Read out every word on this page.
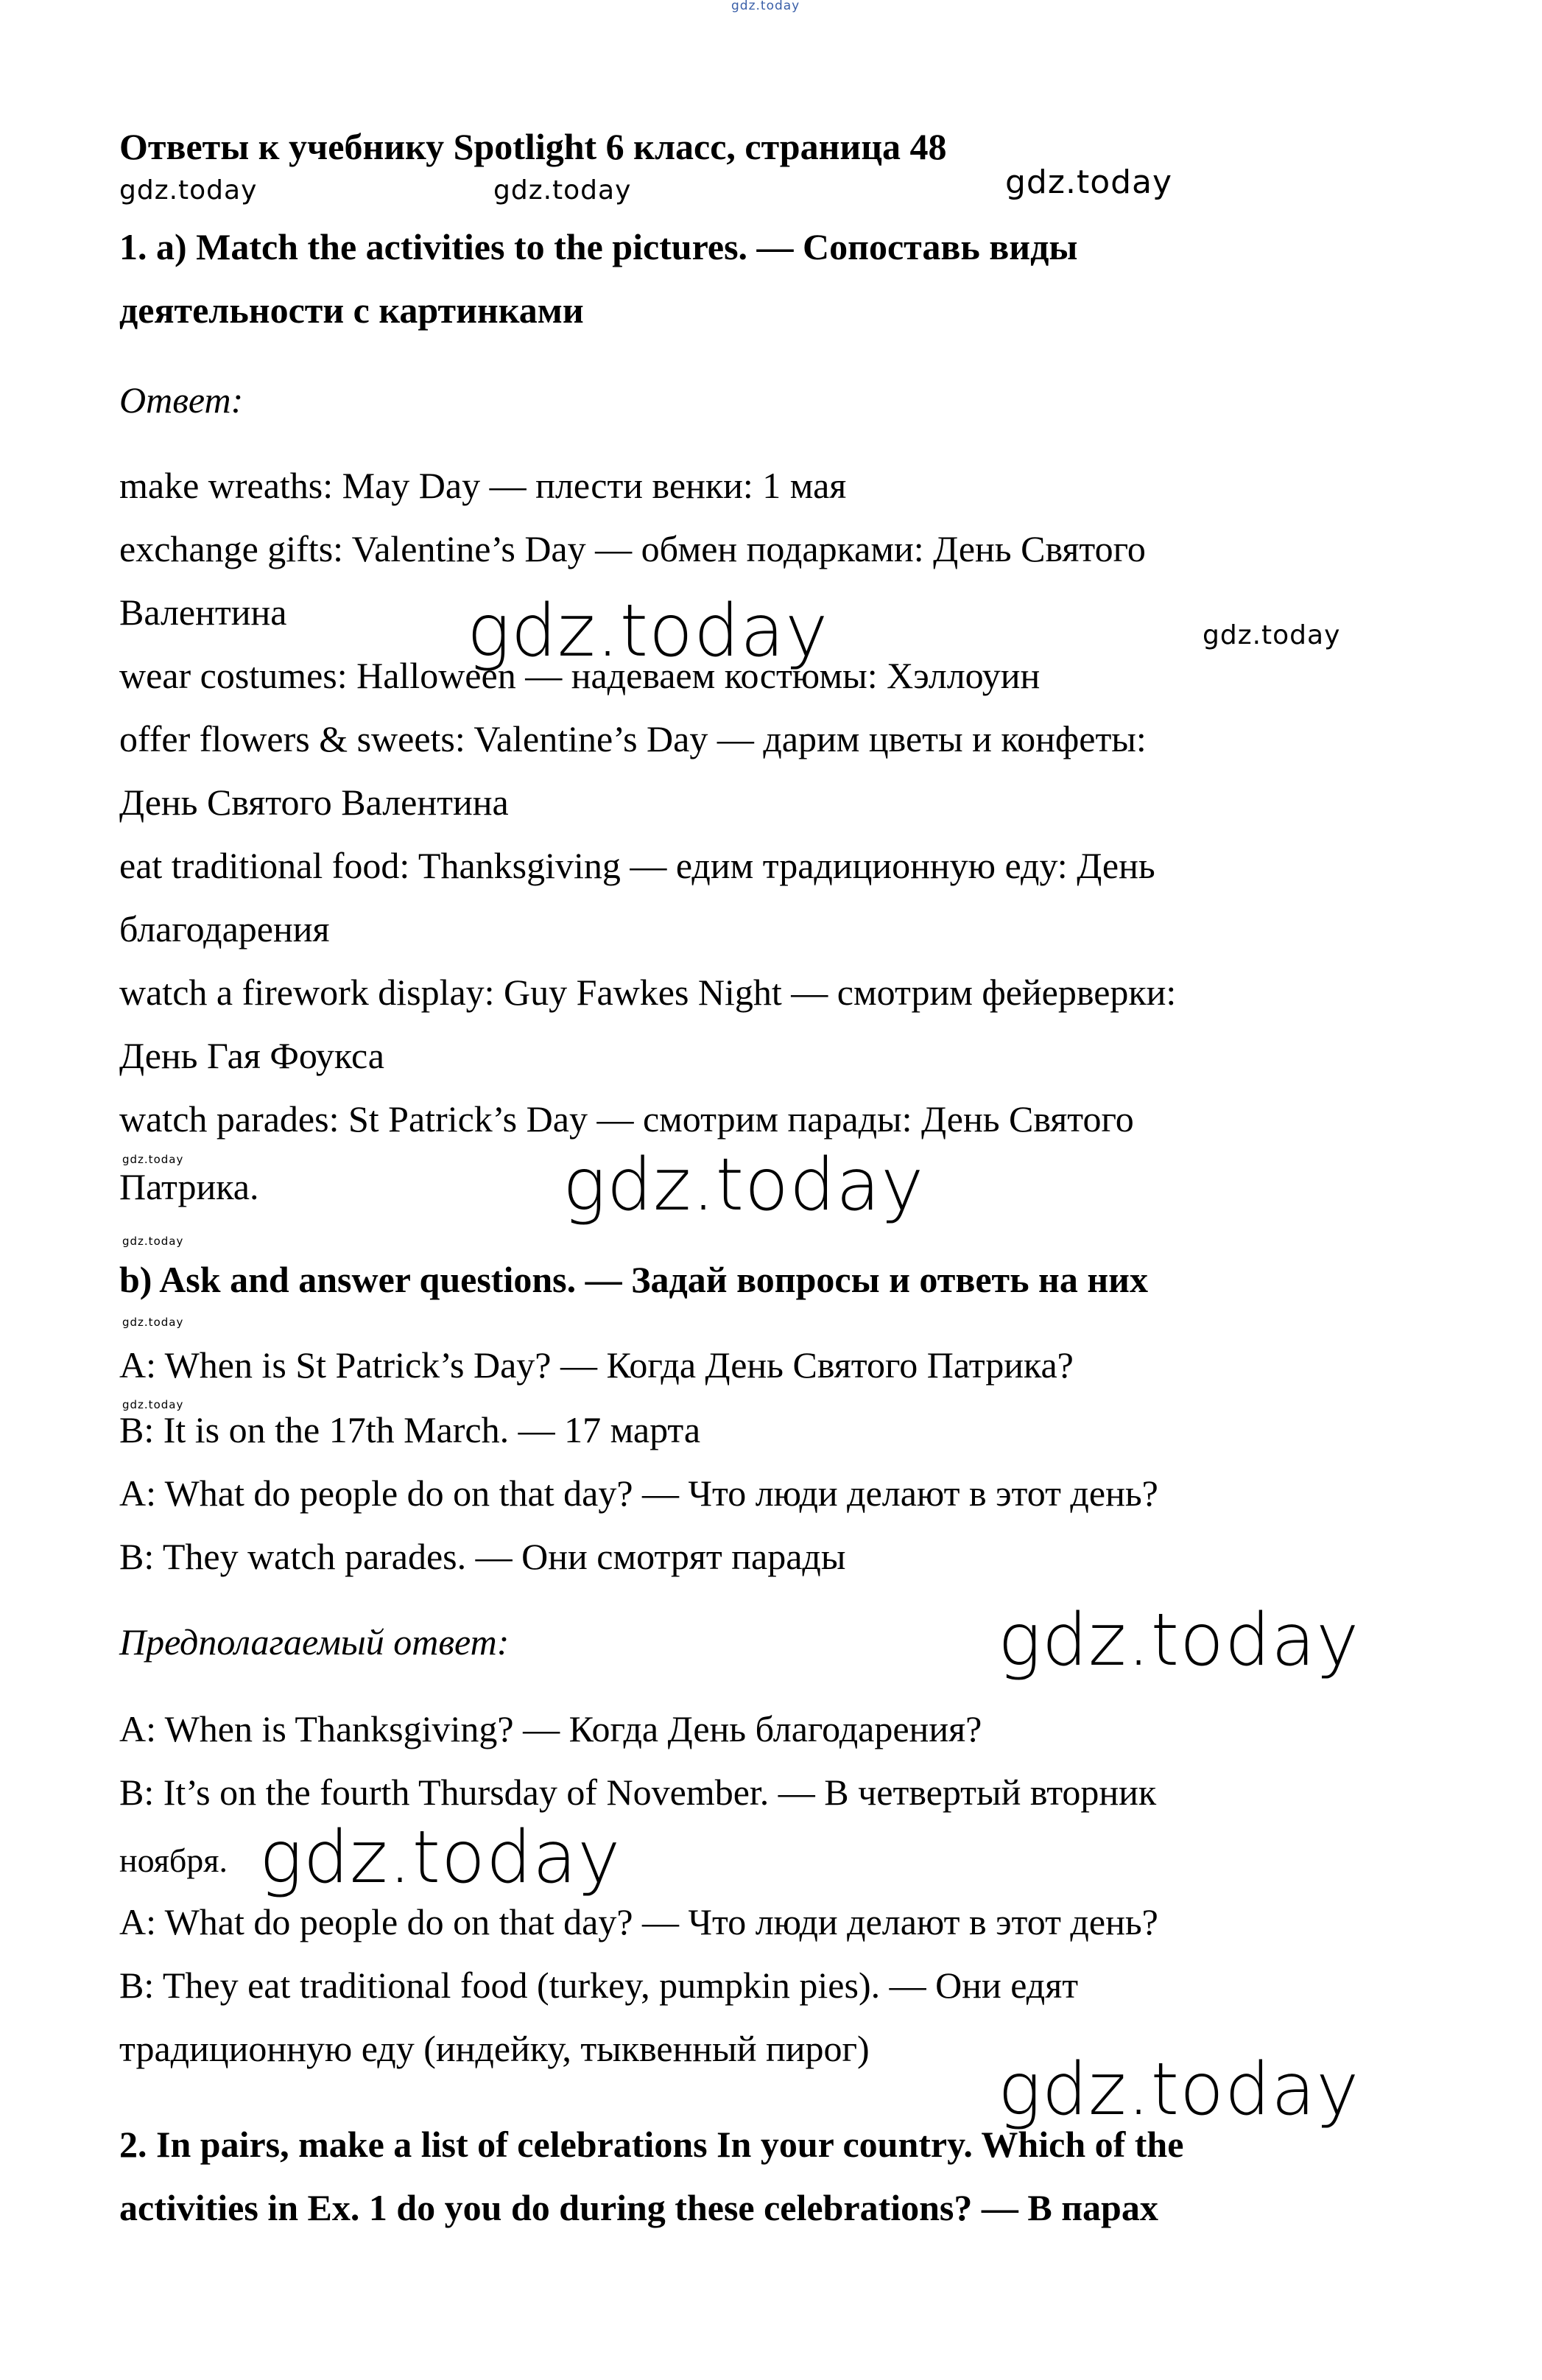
gdz.today
gdz.today	gdz.today	gdz.today
gdz.today	gdz.today
gdz.today	gdz.today
gdz.today
gdz.today
gdz.today
gdz.today
gdz.today
gdz.today
Ответы к учебнику Spotlight 6 класс, страница 48
1. a) Match the activities to the pictures. — Сопоставь виды
деятельности с картинками
Ответ:
make wreaths: May Day — плести венки: 1 мая
exchange gifts: Valentine’s Day — обмен подарками: День Святого
Валентина
wear costumes: Halloween — надеваем костюмы: Хэллоуин
offer flowers & sweets: Valentine’s Day — дарим цветы и конфеты:
День Святого Валентина
eat traditional food: Thanksgiving — едим традиционную еду: День
благодарения
watch a firework display: Guy Fawkes Night — смотрим фейерверки:
День Гая Фоукса
watch parades: St Patrick’s Day — смотрим парады: День Святого
Патрика.
b) Ask and answer questions. — Задай вопросы и ответь на них
A: When is St Patrick’s Day? — Когда День Святого Патрика?
B: It is on the 17th March. — 17 марта
A: What do people do on that day? — Что люди делают в этот день?
B: They watch parades. — Они смотрят парады
Предполагаемый ответ:
A: When is Thanksgiving? — Когда День благодарения?
B: It’s on the fourth Thursday of November. — В четвертый вторник
ноября.
A: What do people do on that day? — Что люди делают в этот день?
B: They eat traditional food (turkey, pumpkin pies). — Они едят
традиционную еду (индейку, тыквенный пирог)
2. In pairs, make a list of celebrations In your country. Which of the
activities in Ex. 1 do you do during these celebrations? — В парах
